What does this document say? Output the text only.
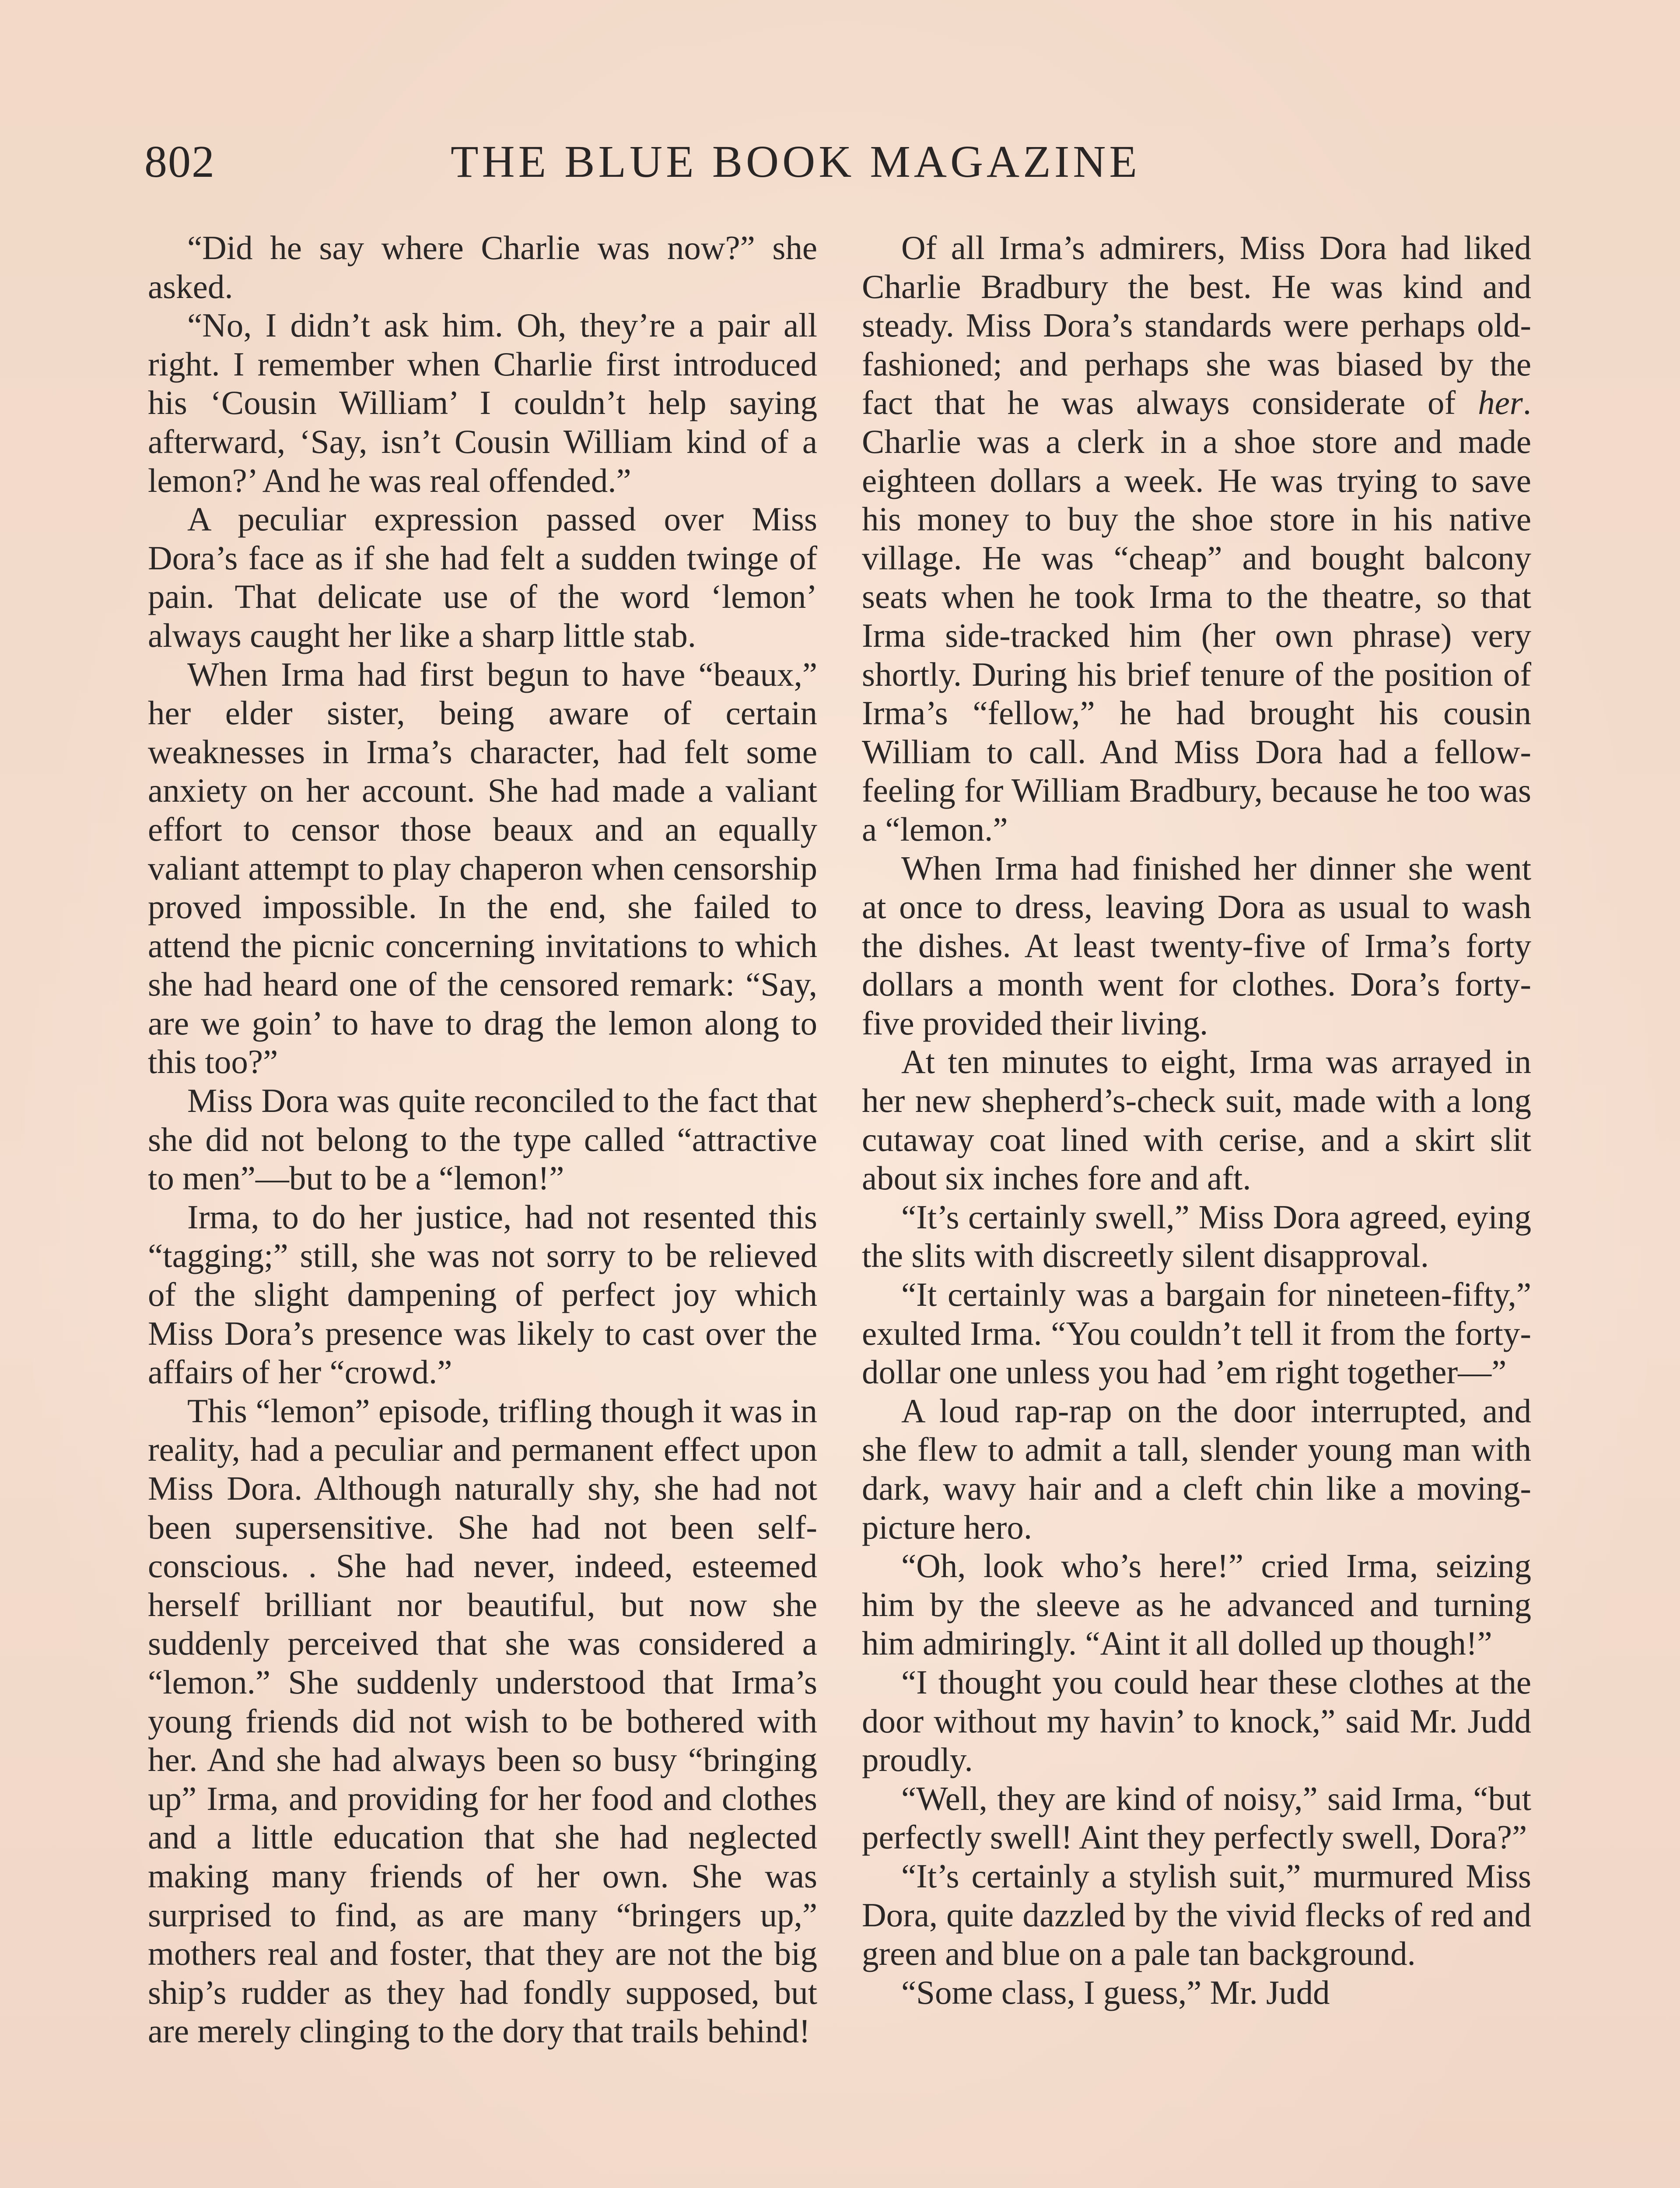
802	THE BLUE BOOK MAGAZINE

“Did he say where Charlie was now?” she asked.

“No, I didn’t ask him. Oh, they’re a pair all right. I remember when Charlie first introduced his ‘Cousin William’ I couldn’t help saying afterward, ‘Say, isn’t Cousin William kind of a lemon?’ And he was real offended.”

A peculiar expression passed over Miss Dora’s face as if she had felt a sudden twinge of pain. That delicate use of the word ‘lemon’ always caught her like a sharp little stab.

When Irma had first begun to have “beaux,” her elder sister, being aware of certain weaknesses in Irma’s character, had felt some anxiety on her account. She had made a valiant effort to censor those beaux and an equally valiant attempt to play chaperon when censorship proved impossible. In the end, she failed to attend the picnic concerning invitations to which she had heard one of the censored remark: “Say, are we goin’ to have to drag the lemon along to this too?”

Miss Dora was quite reconciled to the fact that she did not belong to the type called “attractive to men”—but to be a “lemon!”

Irma, to do her justice, had not resented this “tagging;” still, she was not sorry to be relieved of the slight dampening of perfect joy which Miss Dora’s presence was likely to cast over the affairs of her “crowd.”

This “lemon” episode, trifling though it was in reality, had a peculiar and permanent effect upon Miss Dora. Although naturally shy, she had not been supersensitive. She had not been self-conscious. . She had never, indeed, esteemed herself brilliant nor beautiful, but now she suddenly perceived that she was considered a “lemon.” She suddenly understood that Irma’s young friends did not wish to be bothered with her. And she had always been so busy “bringing up” Irma, and providing for her food and clothes and a little education that she had neglected making many friends of her own. She was surprised to find, as are many “bringers up,” mothers real and foster, that they are not the big ship’s rudder as they had fondly supposed, but are merely clinging to the dory that trails behind!

Of all Irma’s admirers, Miss Dora had liked Charlie Bradbury the best. He was kind and steady. Miss Dora’s standards were perhaps old-fashioned; and perhaps she was biased by the fact that he was always considerate of her. Charlie was a clerk in a shoe store and made eighteen dollars a week. He was trying to save his money to buy the shoe store in his native village. He was “cheap” and bought balcony seats when he took Irma to the theatre, so that Irma side-tracked him (her own phrase) very shortly. During his brief tenure of the position of Irma’s “fellow,” he had brought his cousin William to call. And Miss Dora had a fellow-feeling for William Bradbury, because he too was a “lemon.”

When Irma had finished her dinner she went at once to dress, leaving Dora as usual to wash the dishes. At least twenty-five of Irma’s forty dollars a month went for clothes. Dora’s forty-five provided their living.

At ten minutes to eight, Irma was arrayed in her new shepherd’s-check suit, made with a long cutaway coat lined with cerise, and a skirt slit about six inches fore and aft.

“It’s certainly swell,” Miss Dora agreed, eying the slits with discreetly silent disapproval.

“It certainly was a bargain for nineteen-fifty,” exulted Irma. “You couldn’t tell it from the forty-dollar one unless you had ’em right together—”

A loud rap-rap on the door interrupted, and she flew to admit a tall, slender young man with dark, wavy hair and a cleft chin like a moving-picture hero.

“Oh, look who’s here!” cried Irma, seizing him by the sleeve as he advanced and turning him admiringly. “Aint it all dolled up though!”

“I thought you could hear these clothes at the door without my havin’ to knock,” said Mr. Judd proudly.

“Well, they are kind of noisy,” said Irma, “but perfectly swell! Aint they perfectly swell, Dora?”

“It’s certainly a stylish suit,” murmured Miss Dora, quite dazzled by the vivid flecks of red and green and blue on a pale tan background.

“Some class, I guess,” Mr. Judd
